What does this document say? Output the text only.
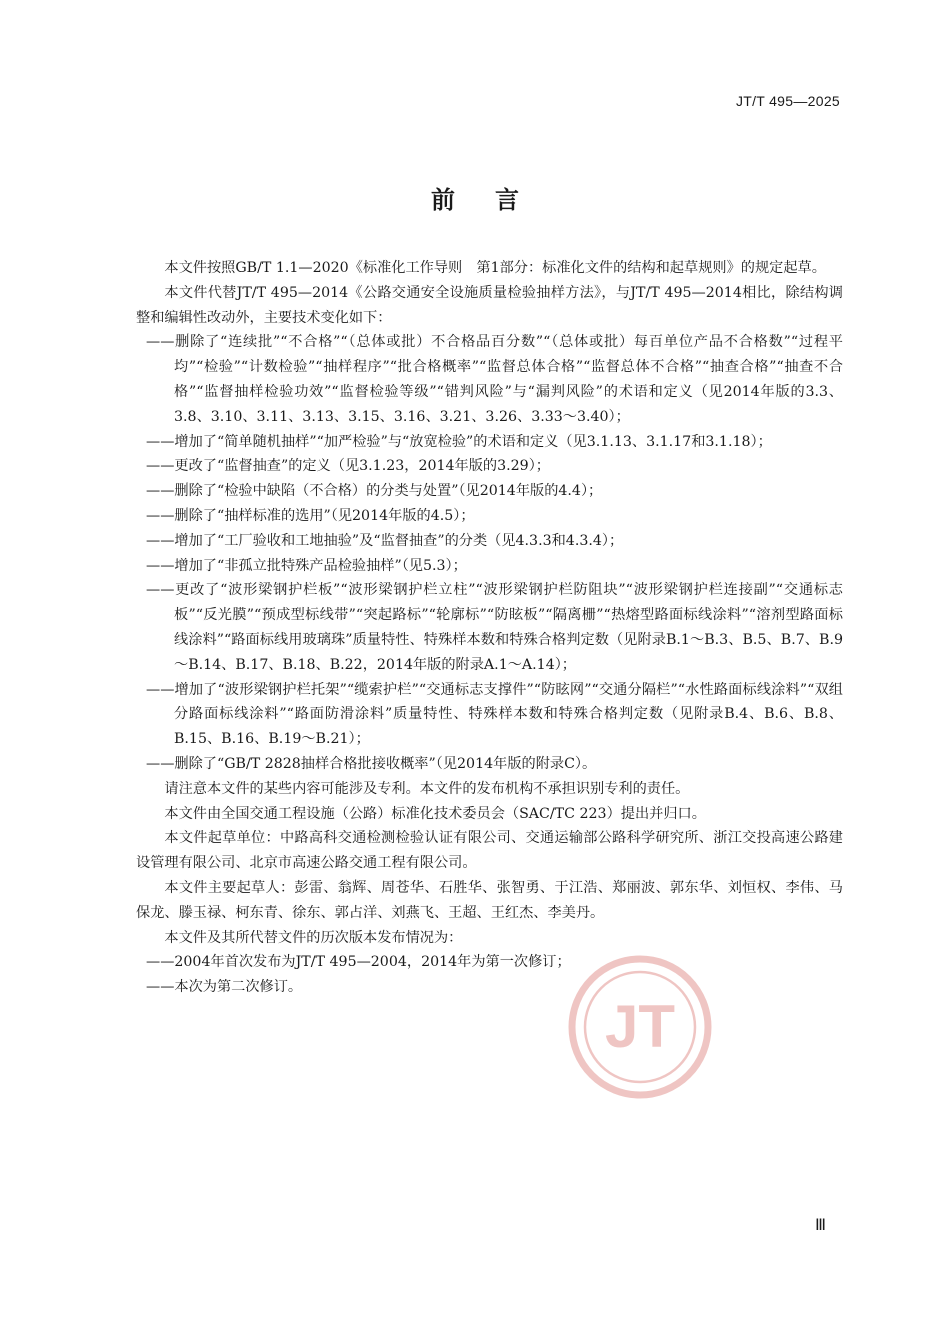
JT/T 495—2025
前言

本文件按照GB/T 1.1—2020《标准化工作导则　第1部分：标准化文件的结构和起草规则》的规定起草。

本文件代替JT/T 495—2014《公路交通安全设施质量检验抽样方法》，与JT/T 495—2014相比，除结构调整和编辑性改动外，主要技术变化如下：

——删除了“连续批”“不合格”“（总体或批）不合格品百分数”“（总体或批）每百单位产品不合格数”“过程平均”“检验”“计数检验”“抽样程序”“批合格概率”“监督总体合格”“监督总体不合格”“抽查合格”“抽查不合格”“监督抽样检验功效”“监督检验等级”“错判风险”与“漏判风险”的术语和定义（见2014年版的3.3、3.8、3.10、3.11、3.13、3.15、3.16、3.21、3.26、3.33～3.40）；

——增加了“简单随机抽样”“加严检验”与“放宽检验”的术语和定义（见3.1.13、3.1.17和3.1.18）；

——更改了“监督抽查”的定义（见3.1.23，2014年版的3.29）；

——删除了“检验中缺陷（不合格）的分类与处置”（见2014年版的4.4）；

——删除了“抽样标准的选用”（见2014年版的4.5）；

——增加了“工厂验收和工地抽验”及“监督抽查”的分类（见4.3.3和4.3.4）；

——增加了“非孤立批特殊产品检验抽样”（见5.3）；

——更改了“波形梁钢护栏板”“波形梁钢护栏立柱”“波形梁钢护栏防阻块”“波形梁钢护栏连接副”“交通标志板”“反光膜”“预成型标线带”“突起路标”“轮廓标”“防眩板”“隔离栅”“热熔型路面标线涂料”“溶剂型路面标线涂料”“路面标线用玻璃珠”质量特性、特殊样本数和特殊合格判定数（见附录B.1～B.3、B.5、B.7、B.9～B.14、B.17、B.18、B.22，2014年版的附录A.1～A.14）；

——增加了“波形梁钢护栏托架”“缆索护栏”“交通标志支撑件”“防眩网”“交通分隔栏”“水性路面标线涂料”“双组分路面标线涂料”“路面防滑涂料”质量特性、特殊样本数和特殊合格判定数（见附录B.4、B.6、B.8、B.15、B.16、B.19～B.21）；

——删除了“GB/T 2828抽样合格批接收概率”（见2014年版的附录C）。

请注意本文件的某些内容可能涉及专利。本文件的发布机构不承担识别专利的责任。

本文件由全国交通工程设施（公路）标准化技术委员会（SAC/TC 223）提出并归口。

本文件起草单位：中路高科交通检测检验认证有限公司、交通运输部公路科学研究所、浙江交投高速公路建设管理有限公司、北京市高速公路交通工程有限公司。

本文件主要起草人：彭雷、翁辉、周苍华、石胜华、张智勇、于江浩、郑丽波、郭东华、刘恒权、李伟、马保龙、滕玉禄、柯东青、徐东、郭占洋、刘燕飞、王超、王红杰、李美丹。

本文件及其所代替文件的历次版本发布情况为：

——2004年首次发布为JT/T 495—2004，2014年为第一次修订；

——本次为第二次修订。

JT
Ⅲ
